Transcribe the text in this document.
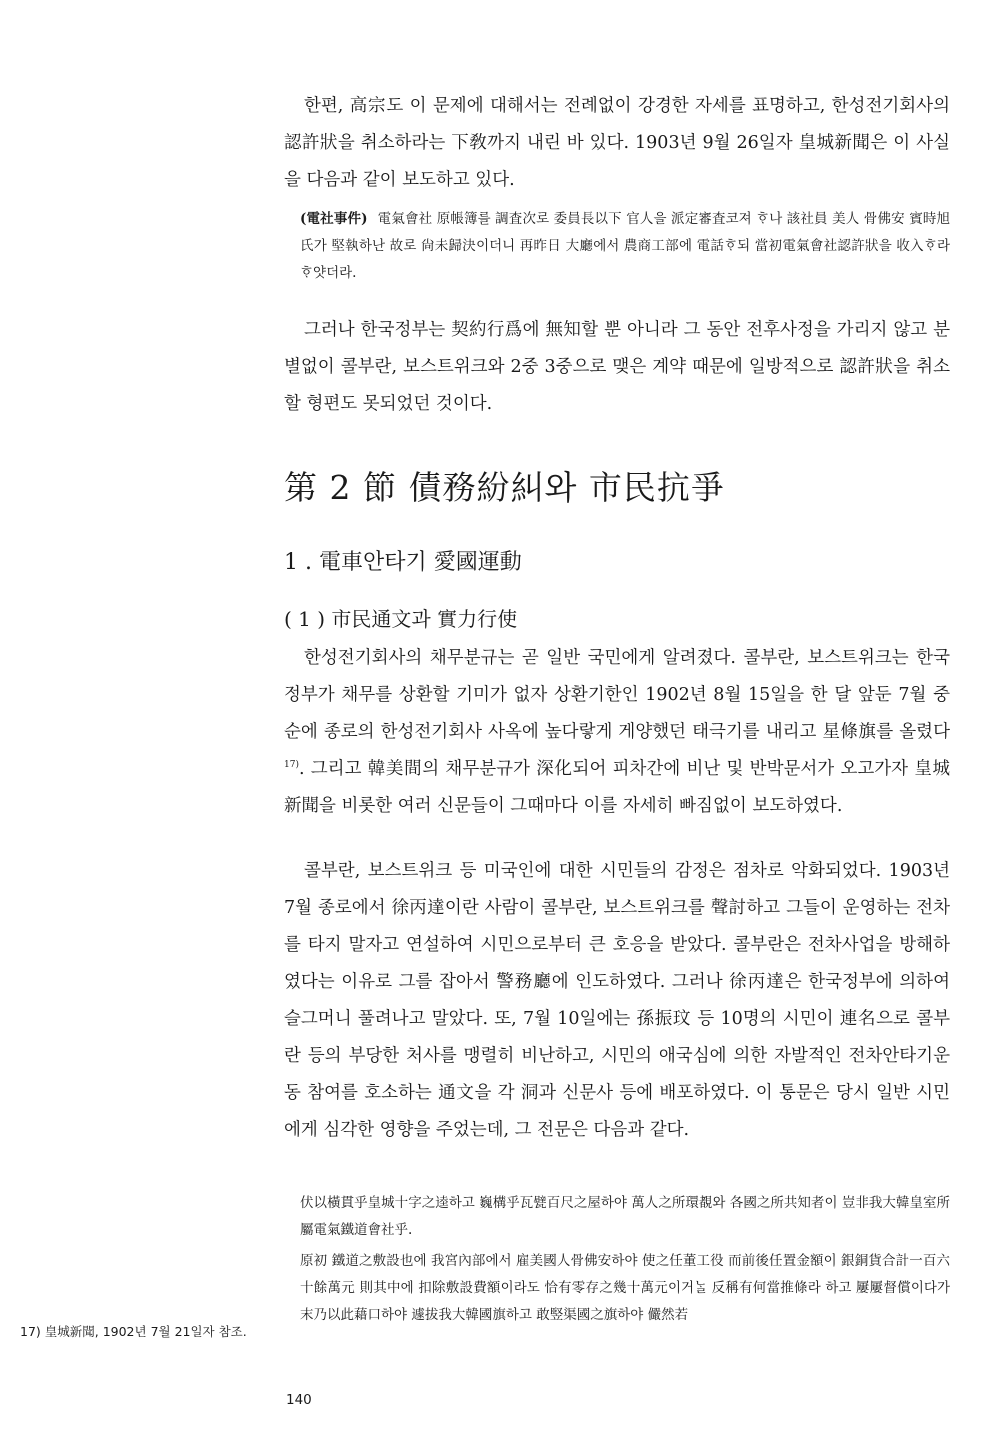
한편, 高宗도 이 문제에 대해서는 전례없이 강경한 자세를 표명하고, 한성전기회사의 認許狀을 취소하라는 下敎까지 내린 바 있다. 1903년 9월 26일자 皇城新聞은 이 사실을 다음과 같이 보도하고 있다.

(電社事件) 電氣會社 原帳簿를 調査次로 委員長以下 官人을 派定審査코져 ᄒᆞ나 該社員 美人 骨佛安 賓時旭氏가 堅執하난 故로 尙未歸決이더니 再昨日 大廳에서 農商工部에 電話ᄒᆞ되 當初電氣會社認許狀을 收入ᄒᆞ라 ᄒᆞ얏더라.

그러나 한국정부는 契約行爲에 無知할 뿐 아니라 그 동안 전후사정을 가리지 않고 분별없이 콜부란, 보스트위크와 2중 3중으로 맺은 계약 때문에 일방적으로 認許狀을 취소할 형편도 못되었던 것이다.

第 2 節 債務紛糾와 市民抗爭
1 . 電車안타기 愛國運動
( 1 ) 市民通文과 實力行使

한성전기회사의 채무분규는 곧 일반 국민에게 알려졌다. 콜부란, 보스트위크는 한국정부가 채무를 상환할 기미가 없자 상환기한인 1902년 8월 15일을 한 달 앞둔 7월 중순에 종로의 한성전기회사 사옥에 높다랗게 게양했던 태극기를 내리고 星條旗를 올렸다$^{17)}$. 그리고 韓美間의 채무분규가 深化되어 피차간에 비난 및 반박문서가 오고가자 皇城新聞을 비롯한 여러 신문들이 그때마다 이를 자세히 빠짐없이 보도하였다.

콜부란, 보스트위크 등 미국인에 대한 시민들의 감정은 점차로 악화되었다. 1903년 7월 종로에서 徐丙達이란 사람이 콜부란, 보스트위크를 聲討하고 그들이 운영하는 전차를 타지 말자고 연설하여 시민으로부터 큰 호응을 받았다. 콜부란은 전차사업을 방해하였다는 이유로 그를 잡아서 警務廳에 인도하였다. 그러나 徐丙達은 한국정부에 의하여 슬그머니 풀려나고 말았다. 또, 7월 10일에는 孫振玟 등 10명의 시민이 連名으로 콜부란 등의 부당한 처사를 맹렬히 비난하고, 시민의 애국심에 의한 자발적인 전차안타기운동 참여를 호소하는 通文을 각 洞과 신문사 등에 배포하였다. 이 통문은 당시 일반 시민에게 심각한 영향을 주었는데, 그 전문은 다음과 같다.

伏以橫貫乎皇城十字之逵하고 巍構乎瓦甓百尺之屋하야 萬人之所環覩와 各國之所共知者이 豈非我大韓皇室所屬電氣鐵道會社乎.

原初 鐵道之敷設也에 我宮內部에서 雇美國人骨佛安하야 使之任董工役 而前後任置金額이 銀銅貨合計一百六十餘萬元 則其中에 扣除敷設費額이라도 恰有零存之幾十萬元이거ᄂᆞᆯ 反稱有何當推條라 하고 屢屢督償이다가 末乃以此藉口하야 遽拔我大韓國旗하고 敢竪渠國之旗하야 儼然若

17) 皇城新聞, 1902년 7월 21일자 참조.
140
